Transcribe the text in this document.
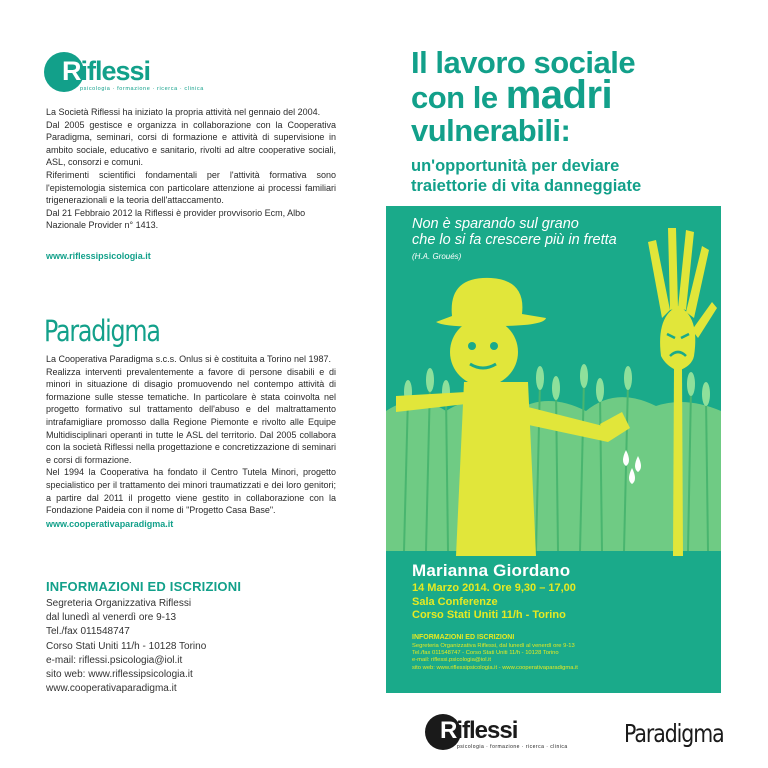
Riflessi
psicologia · formazione · ricerca · clinica

La Società Riflessi ha iniziato la propria attività nel gennaio del 2004.

Dal 2005 gestisce e organizza in collaborazione con la Cooperativa Paradigma, seminari, corsi di formazione e attività di supervisione in ambito sociale, educativo e sanitario, rivolti ad altre cooperative sociali, ASL, consorzi e comuni.

Riferimenti scientifici fondamentali per l'attività formativa sono l'epistemologia sistemica con particolare attenzione ai processi familiari trigenerazionali e la teoria dell'attaccamento.

Dal 21 Febbraio 2012 la Riflessi è provider provvisorio Ecm, Albo Nazionale Provider n° 1413.

www.riflessipsicologia.it
Paradigma

La Cooperativa Paradigma s.c.s. Onlus si è costituita a Torino nel 1987.

Realizza interventi prevalentemente a favore di persone disabili e di minori in situazione di disagio promuovendo nel contempo attività di formazione sulle stesse tematiche. In particolare è stata coinvolta nel progetto formativo sul trattamento dell'abuso e del maltrattamento intrafamigliare promosso dalla Regione Piemonte e rivolto alle Equipe Multidisciplinari operanti in tutte le ASL del territorio. Dal 2005 collabora con la società Riflessi nella progettazione e concretizzazione di seminari e corsi di formazione.

Nel 1994 la Cooperativa ha fondato il Centro Tutela Minori, progetto specialistico per il trattamento dei minori traumatizzati e dei loro genitori; a partire dal 2011 il progetto viene gestito in collaborazione con la Fondazione Paideia con il nome di "Progetto Casa Base".

www.cooperativaparadigma.it
INFORMAZIONI ED ISCRIZIONI
Segreteria Organizzativa Riflessi
dal lunedì al venerdì ore 9-13
Tel./fax 011548747
Corso Stati Uniti 11/h - 10128 Torino
e-mail: riflessi.psicologia@iol.it
sito web: www.riflessipsicologia.it
www.cooperativaparadigma.it
Il lavoro sociale
con le madri
vulnerabili:
un'opportunità per deviare
traiettorie di vita danneggiate
Non è sparando sul grano
che lo si fa crescere più in fretta
(H.A. Groués)
Marianna Giordano
14 Marzo 2014. Ore 9,30 – 17,00
Sala Conferenze
Corso Stati Uniti 11/h - Torino
INFORMAZIONI ED ISCRIZIONI
Segreteria Organizzativa Riflessi, dal lunedì al venerdì ore 9-13
Tel./fax 011548747 - Corso Stati Uniti 11/h - 10128 Torino
e-mail: riflessi.psicologia@iol.it
sito web: www.riflessipsicologia.it - www.cooperativaparadigma.it
Riflessi
psicologia · formazione · ricerca · clinica Paradigma
